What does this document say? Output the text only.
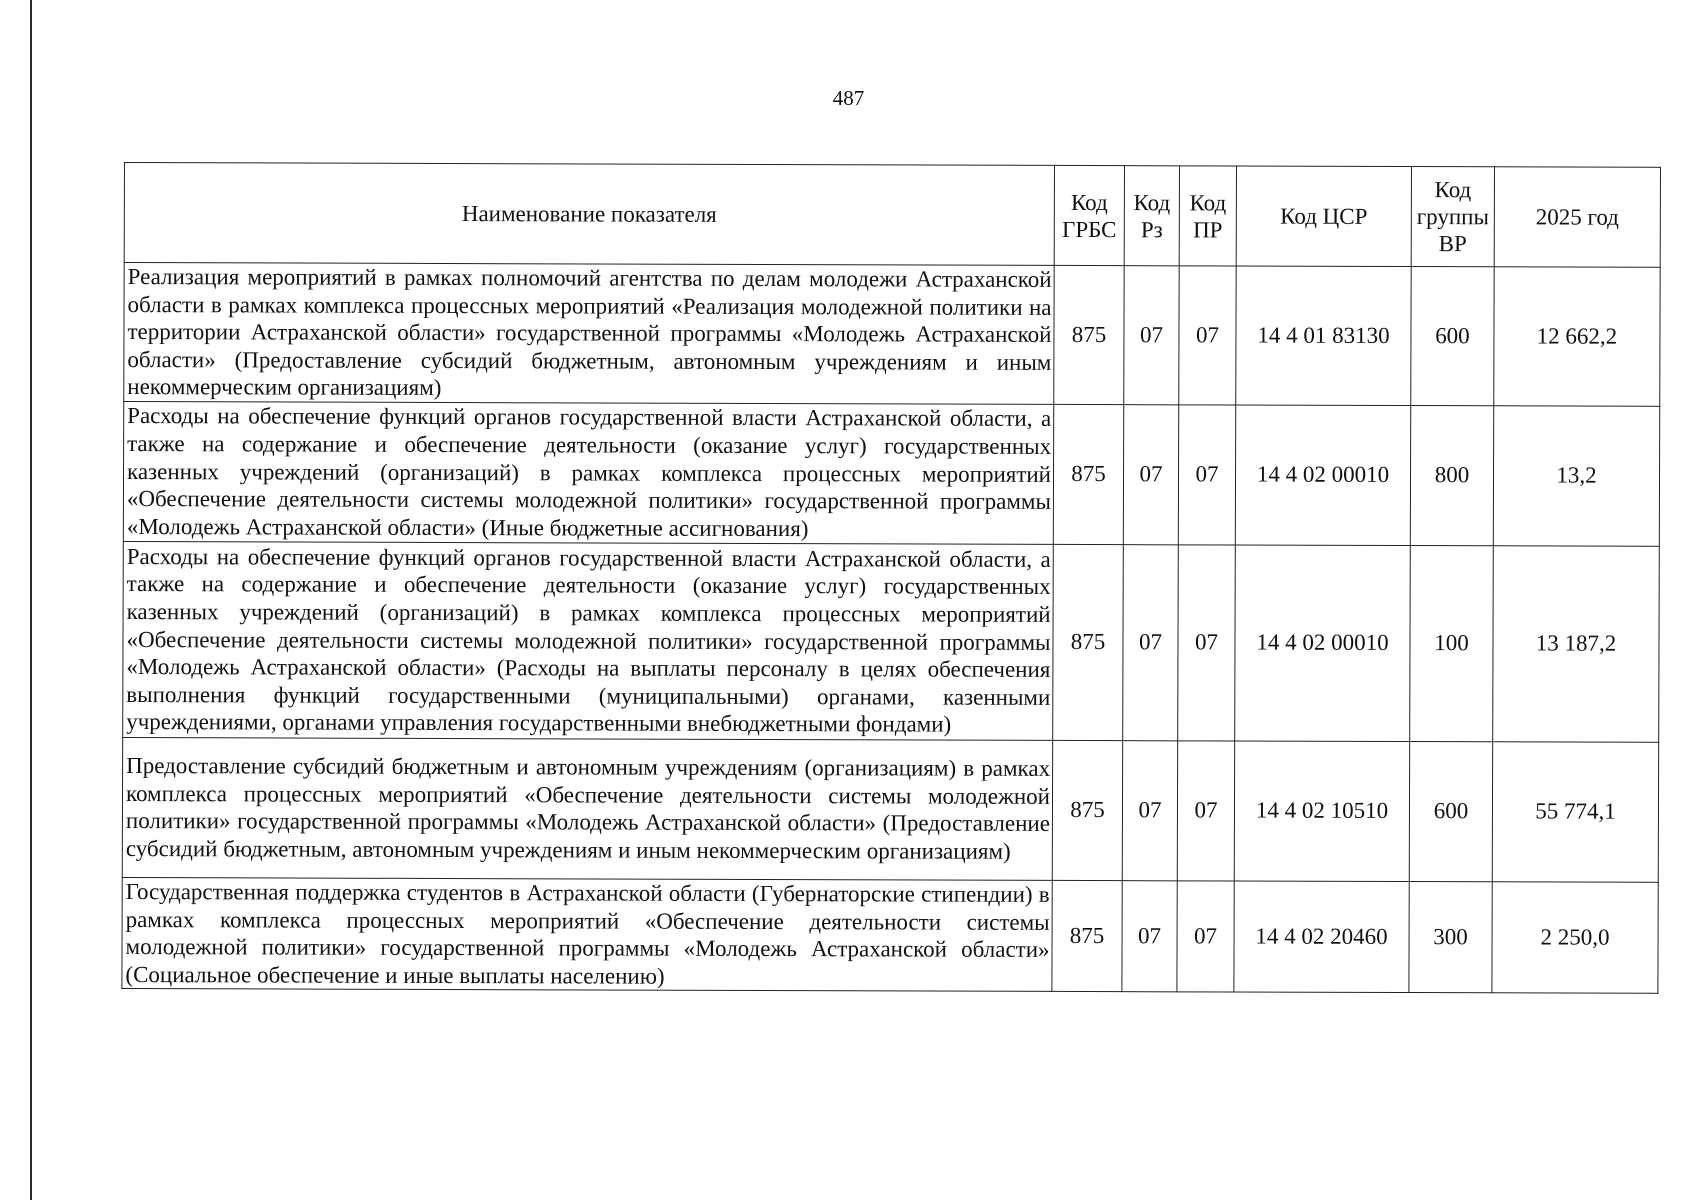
487
Наименование показателя	Код ГРБС	Код Рз	Код ПР	Код ЦСР	Код группы ВР	2025 год
Реализация мероприятий в рамках полномочий агентства по делам молодежи Астраханской области в рамках комплекса процессных мероприятий «Реализация молодежной политики на территории Астраханской области» государственной программы «Молодежь Астраханской области» (Предоставление субсидий бюджетным, автономным учреждениям и иным некоммерческим организациям)	875	07	07	14 4 01 83130	600	12 662,2
Расходы на обеспечение функций органов государственной власти Астраханской области, а также на содержание и обеспечение деятельности (оказание услуг) государственных казенных учреждений (организаций) в рамках комплекса процессных мероприятий «Обеспечение деятельности системы молодежной политики» государственной программы «Молодежь Астраханской области» (Иные бюджетные ассигнования)	875	07	07	14 4 02 00010	800	13,2
Расходы на обеспечение функций органов государственной власти Астраханской области, а также на содержание и обеспечение деятельности (оказание услуг) государственных казенных учреждений (организаций) в рамках комплекса процессных мероприятий «Обеспечение деятельности системы молодежной политики» государственной программы «Молодежь Астраханской области» (Расходы на выплаты персоналу в целях обеспечения выполнения функций государственными (муниципальными) органами, казенными учреждениями, органами управления государственными внебюджетными фондами)	875	07	07	14 4 02 00010	100	13 187,2
Предоставление субсидий бюджетным и автономным учреждениям (организациям) в рамках комплекса процессных мероприятий «Обеспечение деятельности системы молодежной политики» государственной программы «Молодежь Астраханской области» (Предоставление субсидий бюджетным, автономным учреждениям и иным некоммерческим организациям)	875	07	07	14 4 02 10510	600	55 774,1
Государственная поддержка студентов в Астраханской области (Губернаторские стипендии) в рамках комплекса процессных мероприятий «Обеспечение деятельности системы молодежной политики» государственной программы «Молодежь Астраханской области» (Социальное обеспечение и иные выплаты населению)	875	07	07	14 4 02 20460	300	2 250,0
